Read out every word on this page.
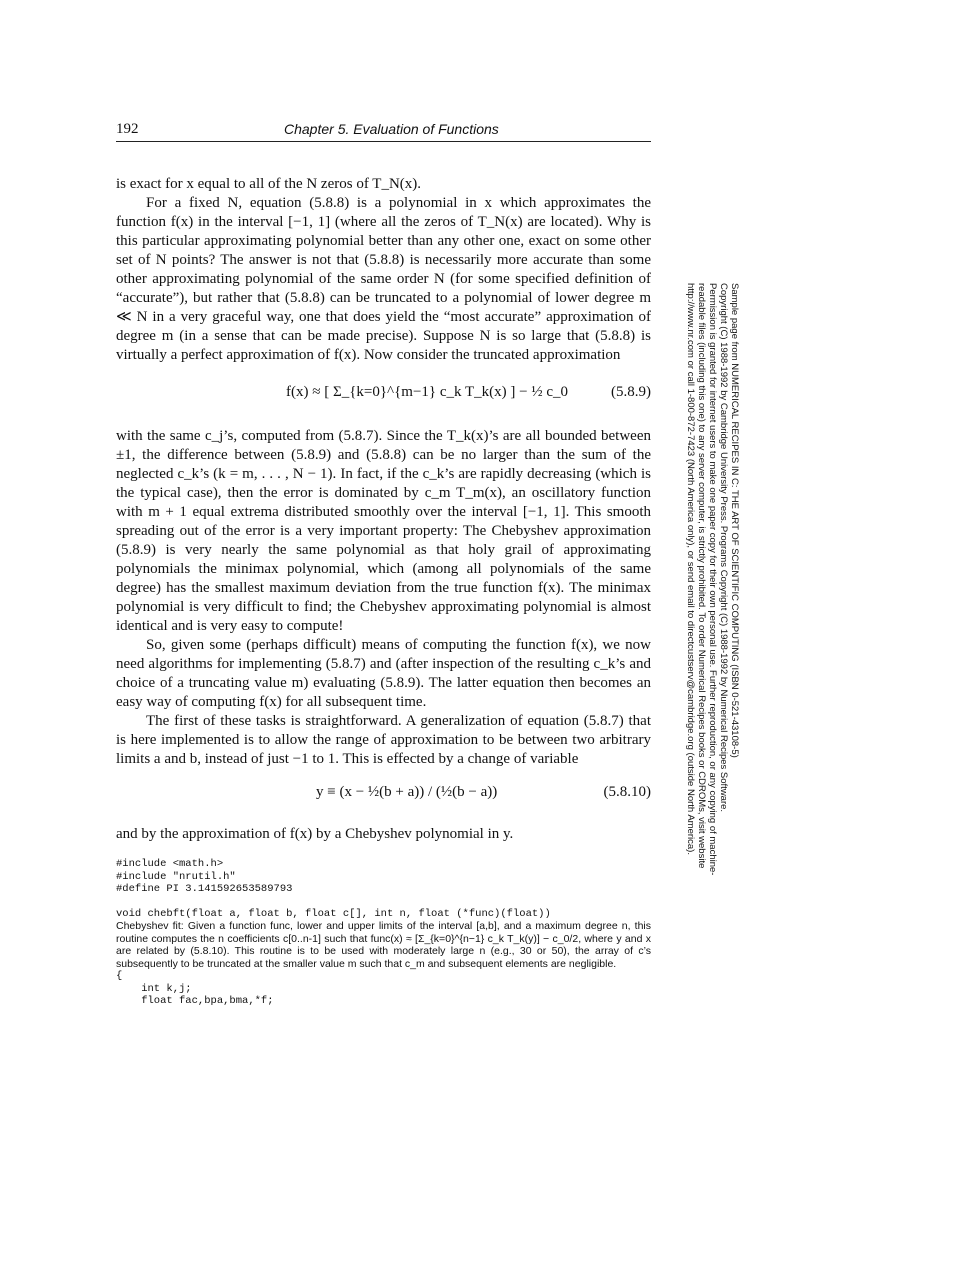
192	Chapter 5. Evaluation of Functions

is exact for x equal to all of the N zeros of T_N(x).

For a fixed N, equation (5.8.8) is a polynomial in x which approximates the function f(x) in the interval [−1, 1] (where all the zeros of T_N(x) are located). Why is this particular approximating polynomial better than any other one, exact on some other set of N points? The answer is not that (5.8.8) is necessarily more accurate than some other approximating polynomial of the same order N (for some specified definition of “accurate”), but rather that (5.8.8) can be truncated to a polynomial of lower degree m ≪ N in a very graceful way, one that does yield the “most accurate” approximation of degree m (in a sense that can be made precise). Suppose N is so large that (5.8.8) is virtually a perfect approximation of f(x). Now consider the truncated approximation

f(x) ≈ [ Σ_{k=0}^{m−1} c_k T_k(x) ] − ½ c_0	(5.8.9)

with the same c_j’s, computed from (5.8.7). Since the T_k(x)’s are all bounded between ±1, the difference between (5.8.9) and (5.8.8) can be no larger than the sum of the neglected c_k’s (k = m, . . . , N − 1). In fact, if the c_k’s are rapidly decreasing (which is the typical case), then the error is dominated by c_m T_m(x), an oscillatory function with m + 1 equal extrema distributed smoothly over the interval [−1, 1]. This smooth spreading out of the error is a very important property: The Chebyshev approximation (5.8.9) is very nearly the same polynomial as that holy grail of approximating polynomials the minimax polynomial, which (among all polynomials of the same degree) has the smallest maximum deviation from the true function f(x). The minimax polynomial is very difficult to find; the Chebyshev approximating polynomial is almost identical and is very easy to compute!

So, given some (perhaps difficult) means of computing the function f(x), we now need algorithms for implementing (5.8.7) and (after inspection of the resulting c_k’s and choice of a truncating value m) evaluating (5.8.9). The latter equation then becomes an easy way of computing f(x) for all subsequent time.

The first of these tasks is straightforward. A generalization of equation (5.8.7) that is here implemented is to allow the range of approximation to be between two arbitrary limits a and b, instead of just −1 to 1. This is effected by a change of variable

y ≡ (x − ½(b + a)) / (½(b − a))	(5.8.10)

and by the approximation of f(x) by a Chebyshev polynomial in y.

#include <math.h>
#include "nrutil.h"
#define PI 3.141592653589793
void chebft(float a, float b, float c[], int n, float (*func)(float))
Chebyshev fit: Given a function func, lower and upper limits of the interval [a,b], and a maximum degree n, this routine computes the n coefficients c[0..n-1] such that func(x) ≈ [Σ_{k=0}^{n−1} c_k T_k(y)] − c_0/2, where y and x are related by (5.8.10). This routine is to be used with moderately large n (e.g., 30 or 50), the array of c’s subsequently to be truncated at the smaller value m such that c_m and subsequent elements are negligible.
{
int k,j;
float fac,bpa,bma,*f;
Sample page from NUMERICAL RECIPES IN C: THE ART OF SCIENTIFIC COMPUTING (ISBN 0-521-43108-5)
Copyright (C) 1988-1992 by Cambridge University Press. Programs Copyright (C) 1988-1992 by Numerical Recipes Software.
Permission is granted for internet users to make one paper copy for their own personal use. Further reproduction, or any copying of machine-
readable files (including this one) to any server computer, is strictly prohibited. To order Numerical Recipes books or CDROMs, visit website
http://www.nr.com or call 1-800-872-7423 (North America only), or send email to directcustserv@cambridge.org (outside North America).
